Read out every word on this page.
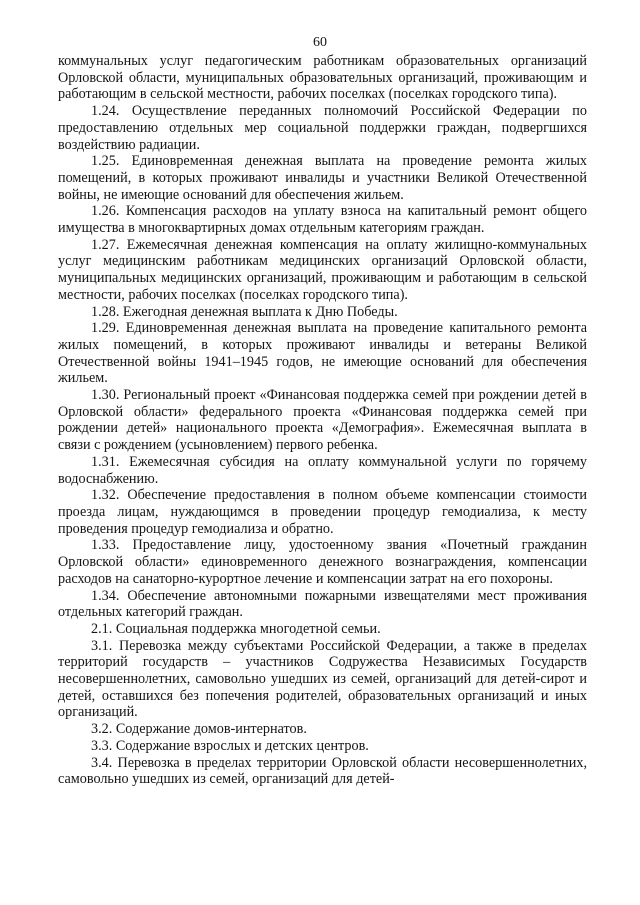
60

коммунальных услуг педагогическим работникам образовательных организаций Орловской области, муниципальных образовательных организаций, проживающим и работающим в сельской местности, рабочих поселках (поселках городского типа).

1.24. Осуществление переданных полномочий Российской Федерации по предоставлению отдельных мер социальной поддержки граждан, подвергшихся воздействию радиации.

1.25. Единовременная денежная выплата на проведение ремонта жилых помещений, в которых проживают инвалиды и участники Великой Отечественной войны, не имеющие оснований для обеспечения жильем.

1.26. Компенсация расходов на уплату взноса на капитальный ремонт общего имущества в многоквартирных домах отдельным категориям граждан.

1.27. Ежемесячная денежная компенсация на оплату жилищно-коммунальных услуг медицинским работникам медицинских организаций Орловской области, муниципальных медицинских организаций, проживающим и работающим в сельской местности, рабочих поселках (поселках городского типа).

1.28. Ежегодная денежная выплата к Дню Победы.

1.29. Единовременная денежная выплата на проведение капитального ремонта жилых помещений, в которых проживают инвалиды и ветераны Великой Отечественной войны 1941–1945 годов, не имеющие оснований для обеспечения жильем.

1.30. Региональный проект «Финансовая поддержка семей при рождении детей в Орловской области» федерального проекта «Финансовая поддержка семей при рождении детей» национального проекта «Демография». Ежемесячная выплата в связи с рождением (усыновлением) первого ребенка.

1.31. Ежемесячная субсидия на оплату коммунальной услуги по горячему водоснабжению.

1.32. Обеспечение предоставления в полном объеме компенсации стоимости проезда лицам, нуждающимся в проведении процедур гемодиализа, к месту проведения процедур гемодиализа и обратно.

1.33. Предоставление лицу, удостоенному звания «Почетный гражданин Орловской области» единовременного денежного вознаграждения, компенсации расходов на санаторно-курортное лечение и компенсации затрат на его похороны.

1.34. Обеспечение автономными пожарными извещателями мест проживания отдельных категорий граждан.

2.1. Социальная поддержка многодетной семьи.

3.1. Перевозка между субъектами Российской Федерации, а также в пределах территорий государств – участников Содружества Независимых Государств несовершеннолетних, самовольно ушедших из семей, организаций для детей-сирот и детей, оставшихся без попечения родителей, образовательных организаций и иных организаций.

3.2. Содержание домов-интернатов.

3.3. Содержание взрослых и детских центров.

3.4. Перевозка в пределах территории Орловской области несовершеннолетних, самовольно ушедших из семей, организаций для детей-
